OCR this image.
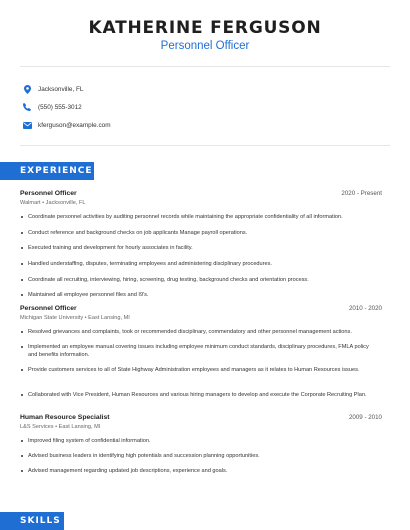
KATHERINE FERGUSON
Personnel Officer
Jacksonville, FL
(550) 555-3012
kferguson@example.com
EXPERIENCE
Personnel Officer	2020 - Present
Walmart • Jacksonville, FL
Coordinate personnel activities by auditing personnel records while maintaining the appropriate confidentiality of all information.
Conduct reference and background checks on job applicants Manage payroll operations.
Executed training and development for hourly associates in facility.
Handled understaffing, disputes, terminating employees and administering disciplinary procedures.
Coordinate all recruiting, interviewing, hiring, screening, drug testing, background checks and orientation process.
Maintained all employee personnel files and I9's.
Personnel Officer	2010 - 2020
Michigan State University • East Lansing, MI
Resolved grievances and complaints, took or recommended disciplinary, commendatory and other personnel management actions.
Implemented an employee manual covering issues including employee minimum conduct standards, disciplinary procedures, FMLA policy and benefits information.
Provide customers services to all of State Highway Administration employees and managers as it relates to Human Resources issues.
Collaborated with Vice President, Human Resources and various hiring managers to develop and execute the Corporate Recruiting Plan.
Human Resource Specialist	2009 - 2010
L&S Services • East Lansing, MI
Improved filing system of confidential information.
Advised business leaders in identifying high potentials and succession planning opportunities.
Advised management regarding updated job descriptions, experience and goals.
SKILLS
